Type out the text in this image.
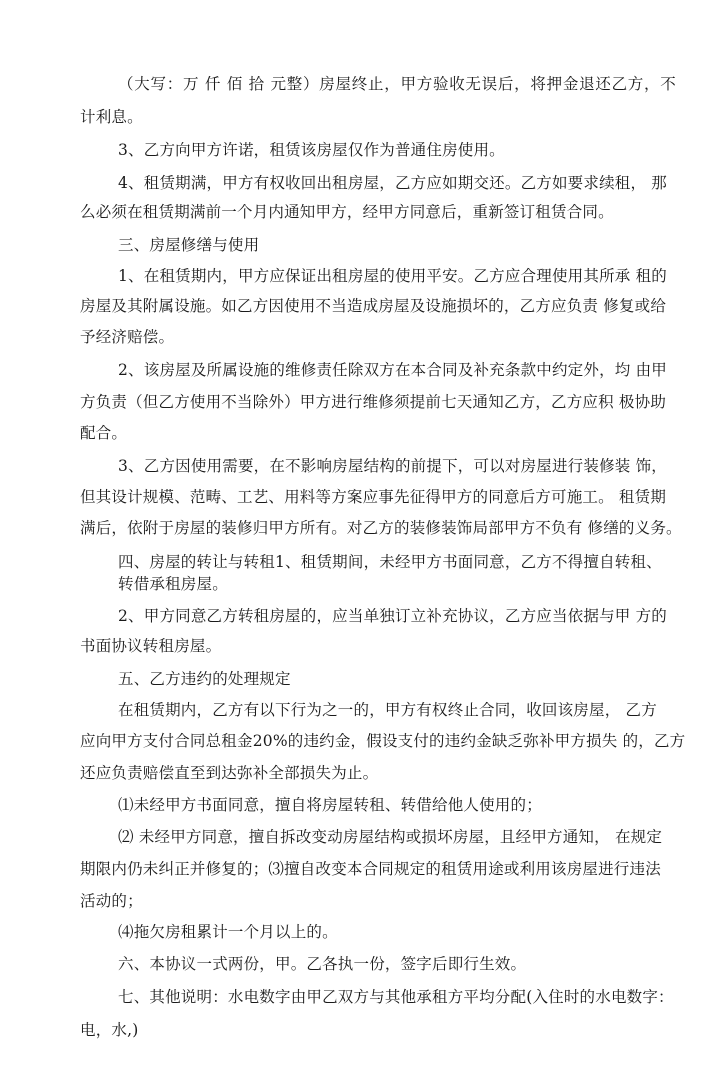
（大写：万 仟 佰 拾 元整）房屋终止，甲方验收无误后，将押金退还乙方，不
计利息。
3、乙方向甲方许诺，租赁该房屋仅作为普通住房使用。
4、租赁期满，甲方有权收回出租房屋，乙方应如期交还。乙方如要求续租， 那
么必须在租赁期满前一个月内通知甲方，经甲方同意后，重新签订租赁合同。
三、房屋修缮与使用
1、在租赁期内，甲方应保证出租房屋的使用平安。乙方应合理使用其所承 租的
房屋及其附属设施。如乙方因使用不当造成房屋及设施损坏的，乙方应负责 修复或给
予经济赔偿。
2、该房屋及所属设施的维修责任除双方在本合同及补充条款中约定外，均 由甲
方负责（但乙方使用不当除外）甲方进行维修须提前七天通知乙方，乙方应积 极协助
配合。
3、乙方因使用需要，在不影响房屋结构的前提下，可以对房屋进行装修装 饰，
但其设计规模、范畴、工艺、用料等方案应事先征得甲方的同意后方可施工。 租赁期
满后，依附于房屋的装修归甲方所有。对乙方的装修装饰局部甲方不负有 修缮的义务。
四、房屋的转让与转租1、租赁期间，未经甲方书面同意，乙方不得擅自转租、
转借承租房屋。
2、甲方同意乙方转租房屋的，应当单独订立补充协议，乙方应当依据与甲 方的
书面协议转租房屋。
五、乙方违约的处理规定
在租赁期内，乙方有以下行为之一的，甲方有权终止合同，收回该房屋， 乙方
应向甲方支付合同总租金20%的违约金，假设支付的违约金缺乏弥补甲方损失 的，乙方
还应负责赔偿直至到达弥补全部损失为止。
⑴未经甲方书面同意，擅自将房屋转租、转借给他人使用的；
⑵ 未经甲方同意，擅自拆改变动房屋结构或损坏房屋，且经甲方通知， 在规定
期限内仍未纠正并修复的；⑶擅自改变本合同规定的租赁用途或利用该房屋进行违法
活动的；
⑷拖欠房租累计一个月以上的。
六、本协议一式两份，甲。乙各执一份，签字后即行生效。
七、其他说明：水电数字由甲乙双方与其他承租方平均分配(入住时的水电数字：
电，水,)
